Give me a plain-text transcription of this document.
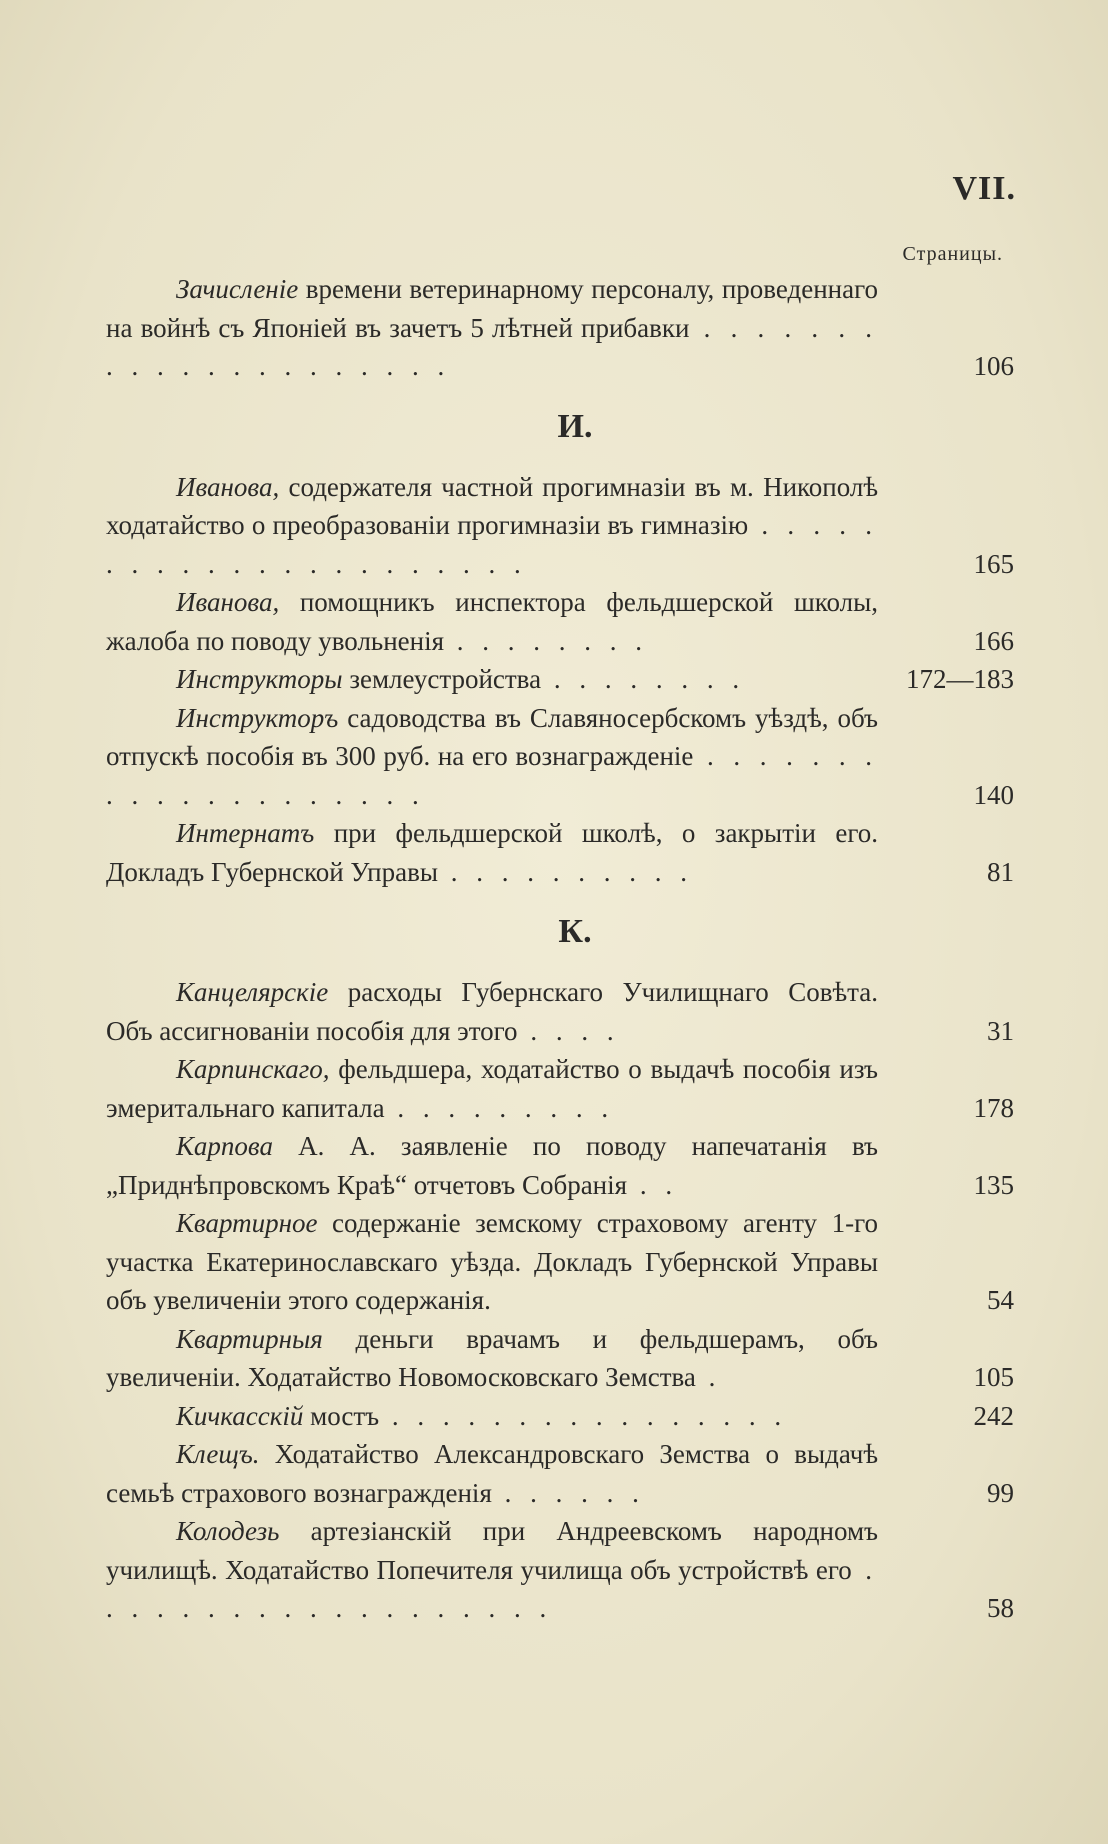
VII.
Страницы.
Зачисленіе времени ветеринарному персоналу, проведеннаго на войнѣ съ Японіей въ зачетъ 5 лѣтней прибавки . . . . . . . . . . . . . . . . . . . . .	106
И.
Иванова, содержателя частной прогимназіи въ м. Никополѣ ходатайство о преобразованіи прогимназіи въ гимназію . . . . . . . . . . . . . . . . . . . . . .	165
Иванова, помощникъ инспектора фельдшерской школы, жалоба по поводу увольненія . . . . . . . .	166
Инструкторы землеустройства . . . . . . . .	172—183
Инструкторъ садоводства въ Славяносербскомъ уѣздѣ, объ отпускѣ пособія въ 300 руб. на его вознагражденіе . . . . . . . . . . . . . . . . . . . .	140
Интернатъ при фельдшерской школѣ, о закрытіи его. Докладъ Губернской Управы . . . . . . . . . .	81
К.
Канцелярскіе расходы Губернскаго Училищнаго Совѣта. Объ ассигнованіи пособія для этого . . . .	31
Карпинскаго, фельдшера, ходатайство о выдачѣ пособія изъ эмеритальнаго капитала . . . . . . . . .	178
Карпова А. А. заявленіе по поводу напечатанія въ „Приднѣпровскомъ Краѣ“ отчетовъ Собранія . .	135
Квартирное содержаніе земскому страховому агенту 1-го участка Екатеринославскаго уѣзда. Докладъ Губернской Управы объ увеличеніи этого содержанія.	54
Квартирныя деньги врачамъ и фельдшерамъ, объ увеличеніи. Ходатайство Новомосковскаго Земства .	105
Кичкасскій мостъ . . . . . . . . . . . . . . . .	242
Клещъ. Ходатайство Александровскаго Земства о выдачѣ семьѣ страхового вознагражденія . . . . . .	99
Колодезь артезіанскій при Андреевскомъ народномъ училищѣ. Ходатайство Попечителя училища объ устройствѣ его . . . . . . . . . . . . . . . . . . .	58
